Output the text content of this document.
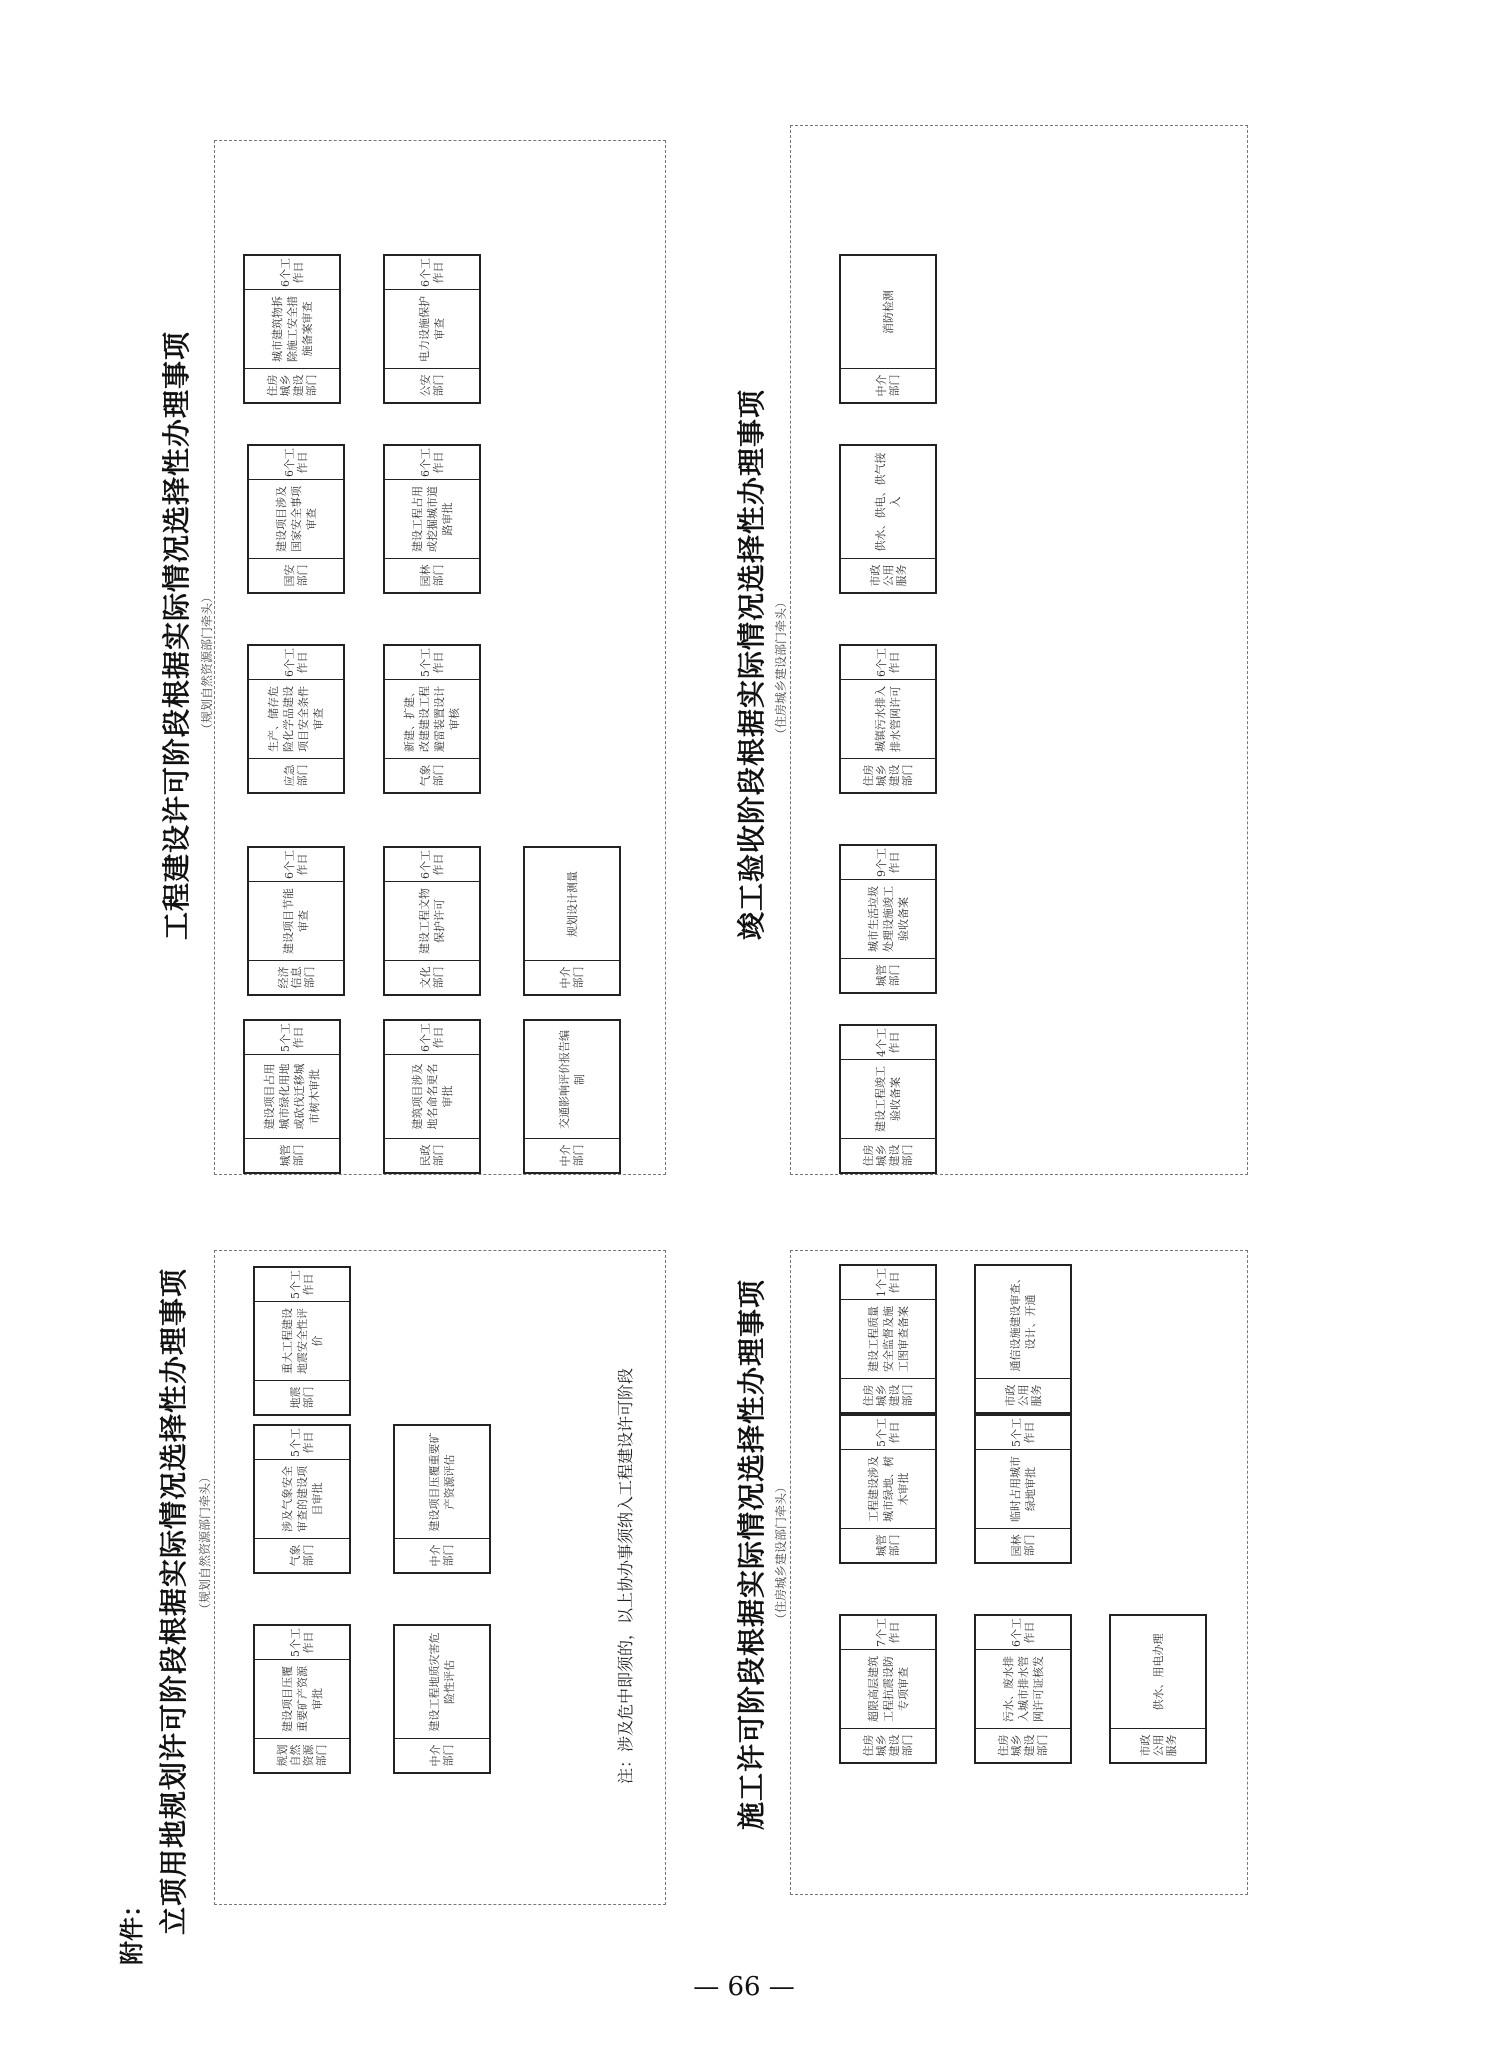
附件： 立项用地规划许可阶段根据实际情况选择性办理事项 （规划自然资源部门牵头）
规划自然资源部门
建设项目压覆重要矿产资源审批
5个工作日
中介部门
建设工程地质灾害危险性评估
气象部门
涉及气象安全审查的建设项目审批
5个工作日
中介部门
建设项目压覆重要矿产资源评估
地震部门
重大工程建设地震安全性评价
5个工作日
注：涉及危中即须的，以上协办事须纳入工程建设许可阶段
工程建设许可阶段根据实际情况选择性办理事项 （规划自然资源部门牵头）
城管部门
建设项目占用城市绿化用地或砍伐迁移城市树木审批
5个工作日
民政部门
建筑项目涉及地名命名更名审批
6个工作日
中介部门
交通影响评价报告编制
经济信息部门
建设项目节能审查
6个工作日
文化部门
建设工程文物保护许可
6个工作日
中介部门
规划设计测量
应急部门
生产、储存危险化学品建设项目安全条件审查
6个工作日
气象部门
新建、扩建、改建建设工程避雷装置设计审核
5个工作日
国安部门
建设项目涉及国家安全事项审查
6个工作日
园林部门
建设工程占用或挖掘城市道路审批
6个工作日
住房城乡建设部门
城市建筑物拆除施工安全措施备案审查
6个工作日
公安部门
电力设施保护审查
6个工作日
施工许可阶段根据实际情况选择性办理事项 （住房城乡建设部门牵头）
住房城乡建设部门
超限高层建筑工程抗震设防专项审查
7个工作日
住房城乡建设部门
污水、废水排入城市排水管网许可证核发
6个工作日
市政公用服务
供水、用电办理
城管部门
工程建设涉及城市绿地、树木审批
5个工作日
园林部门
临时占用城市绿地审批
5个工作日
住房城乡建设部门
建设工程质量安全监督及施工图审查备案
1个工作日
市政公用服务
通信设施建设审查、设计、开通
竣工验收阶段根据实际情况选择性办理事项 （住房城乡建设部门牵头）
住房城乡建设部门
建设工程竣工验收备案
4个工作日
城管部门
城市生活垃圾处理设施竣工验收备案
9个工作日
住房城乡建设部门
城镇污水排入排水管网许可
6个工作日
市政公用服务
供水、供电、供气接入
中介部门
消防检测
— 66 —
